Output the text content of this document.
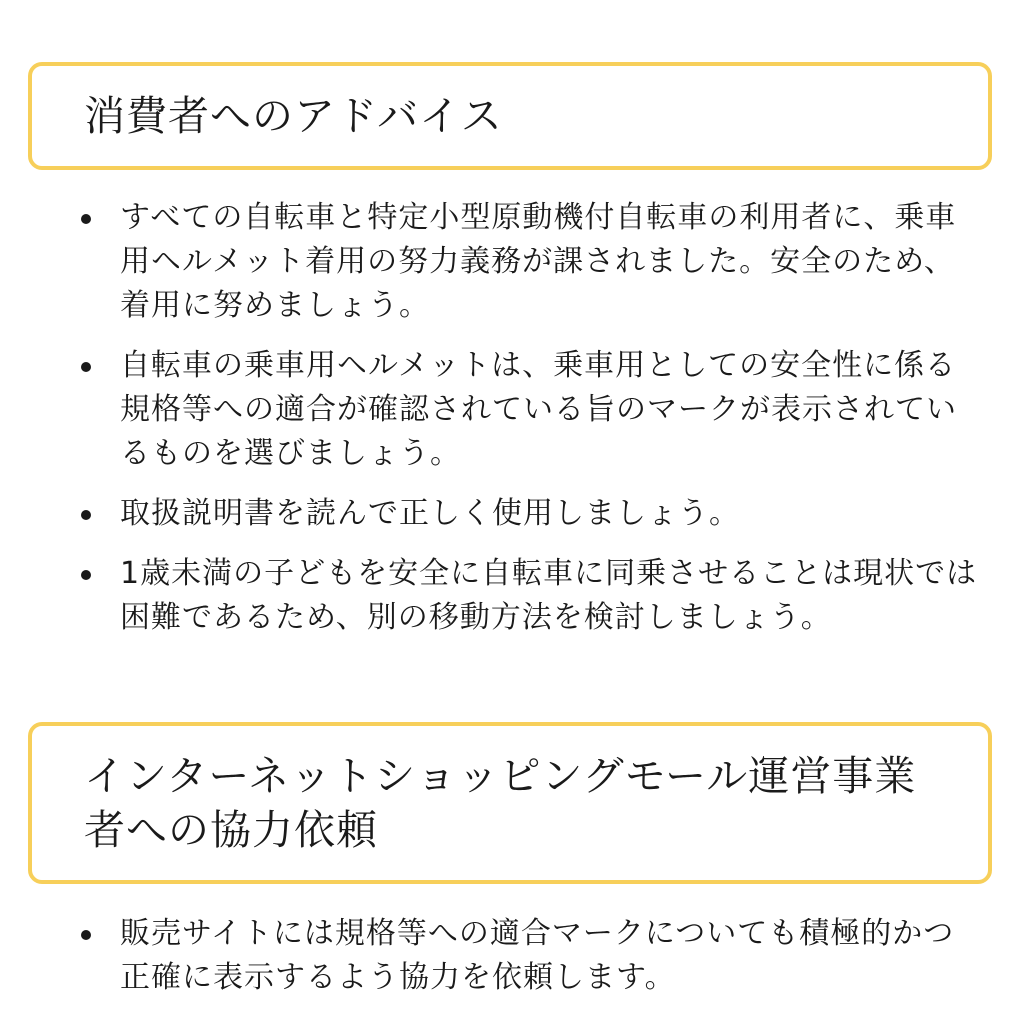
消費者へのアドバイス
すべての自転車と特定小型原動機付自転車の利用者に、乗車用ヘルメット着用の努力義務が課されました。安全のため、着用に努めましょう。
自転車の乗車用ヘルメットは、乗車用としての安全性に係る規格等への適合が確認されている旨のマークが表示されているものを選びましょう。
取扱説明書を読んで正しく使用しましょう。
1歳未満の子どもを安全に自転車に同乗させることは現状では困難であるため、別の移動方法を検討しましょう。
インターネットショッピングモール運営事業者への協力依頼
販売サイトには規格等への適合マークについても積極的かつ正確に表示するよう協力を依頼します。
